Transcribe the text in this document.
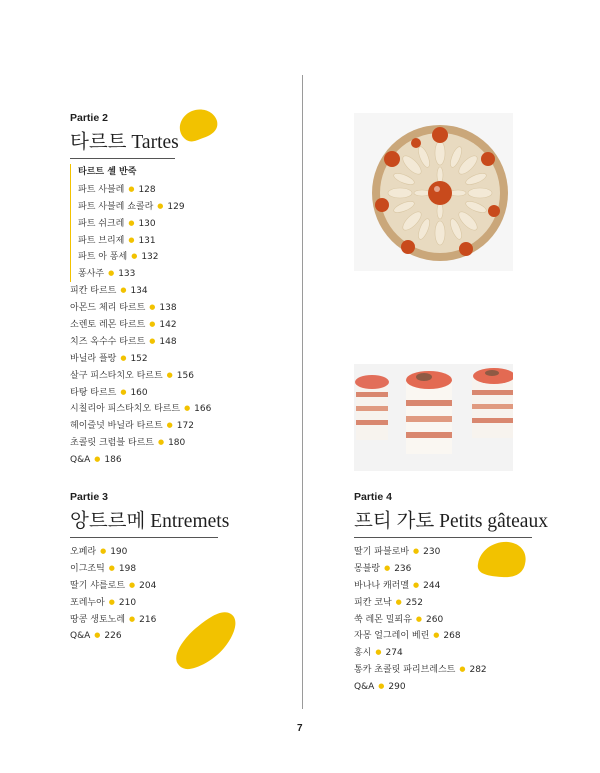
Partie 2
타르트 Tartes
타르트 셸 반죽
파트 사블레 ● 128
파트 사블레 쇼콜라 ● 129
파트 쉬크레 ● 130
파트 브리제 ● 131
파트 아 퐁세 ● 132
퐁사주 ● 133
피칸 타르트 ● 134
아몬드 체리 타르트 ● 138
소렌토 레몬 타르트 ● 142
치즈 옥수수 타르트 ● 148
바닐라 플랑 ● 152
살구 피스타치오 타르트 ● 156
타탕 타르트 ● 160
시칠리아 피스타치오 타르트 ● 166
헤이즐넛 바닐라 타르트 ● 172
초콜릿 크럼블 타르트 ● 180
Q&A ● 186
Partie 3
앙트르메 Entremets
오페라 ● 190
이그조틱 ● 198
딸기 샤를로트 ● 204
포레누아 ● 210
땅콩 생토노레 ● 216
Q&A ● 226
Partie 4
프티 가토 Petits gâteaux
딸기 파블로바 ● 230
몽블랑 ● 236
바나나 캐러멜 ● 244
피칸 코낙 ● 252
쑥 레몬 밀푀유 ● 260
자몽 얼그레이 베린 ● 268
홍시 ● 274
통카 초콜릿 파리브레스트 ● 282
Q&A ● 290
7
